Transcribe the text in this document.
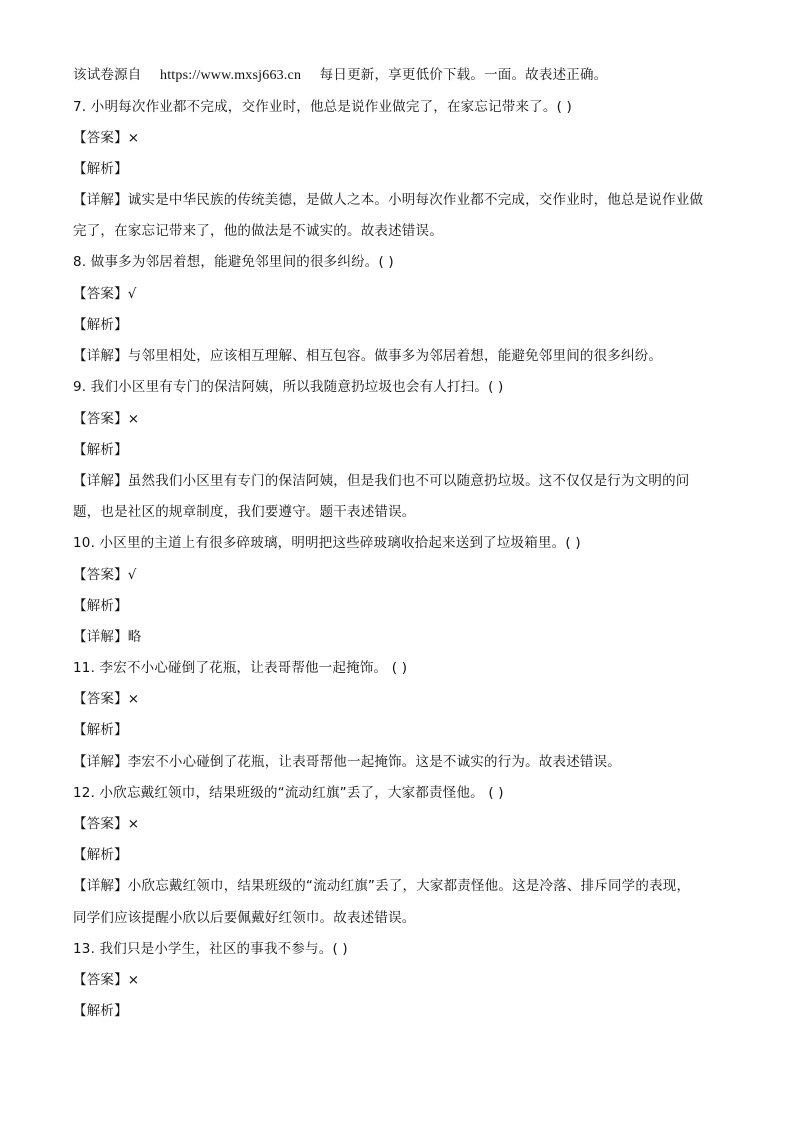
该试卷源自 https://www.mxsj663.cn 每日更新，享更低价下载。一面。故表述正确。
7. 小明每次作业都不完成，交作业时，他总是说作业做完了，在家忘记带来了。( )
【答案】×
【解析】
【详解】诚实是中华民族的传统美德，是做人之本。小明每次作业都不完成，交作业时，他总是说作业做
完了，在家忘记带来了，他的做法是不诚实的。故表述错误。
8. 做事多为邻居着想，能避免邻里间的很多纠纷。( )
【答案】√
【解析】
【详解】与邻里相处，应该相互理解、相互包容。做事多为邻居着想，能避免邻里间的很多纠纷。
9. 我们小区里有专门的保洁阿姨，所以我随意扔垃圾也会有人打扫。( )
【答案】×
【解析】
【详解】虽然我们小区里有专门的保洁阿姨，但是我们也不可以随意扔垃圾。这不仅仅是行为文明的问
题，也是社区的规章制度，我们要遵守。题干表述错误。
10. 小区里的主道上有很多碎玻璃，明明把这些碎玻璃收拾起来送到了垃圾箱里。( )
【答案】√
【解析】
【详解】略
11. 李宏不小心碰倒了花瓶，让表哥帮他一起掩饰。 ( )
【答案】×
【解析】
【详解】李宏不小心碰倒了花瓶，让表哥帮他一起掩饰。这是不诚实的行为。故表述错误。
12. 小欣忘戴红领巾，结果班级的“流动红旗”丢了，大家都责怪他。 ( )
【答案】×
【解析】
【详解】小欣忘戴红领巾，结果班级的“流动红旗”丢了，大家都责怪他。这是冷落、排斥同学的表现，
同学们应该提醒小欣以后要佩戴好红领巾。故表述错误。
13. 我们只是小学生，社区的事我不参与。( )
【答案】×
【解析】
